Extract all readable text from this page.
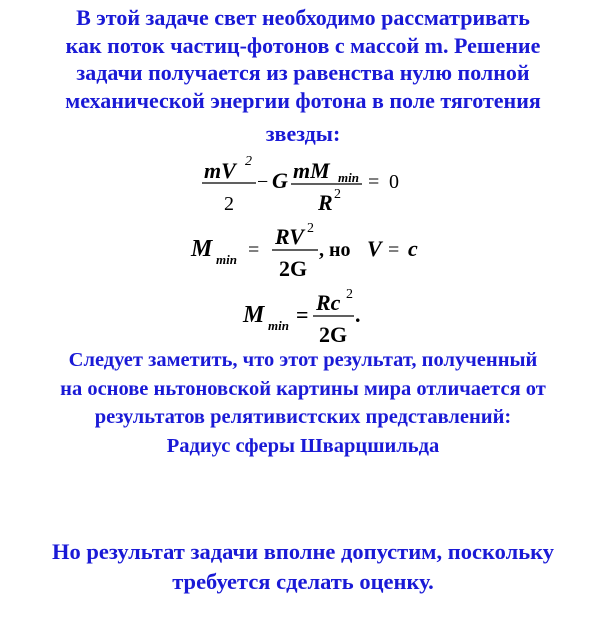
В этой задаче свет необходимо рассматривать
как поток частиц-фотонов с массой m. Решение
задачи получается из равенства нулю полной
механической энергии фотона в поле тяготения
звезды:
mV 2
2
− G mM min
R 2
= 0
M min =
RV 2
2G
, но V = c
M min = Rc 2
2G
.
Следует заметить, что этот результат, полученный
на основе ньтоновской картины мира отличается от
результатов релятивистских представлений:
Радиус сферы Шварцшильда
Но результат задачи вполне допустим, поскольку
требуется сделать оценку.
